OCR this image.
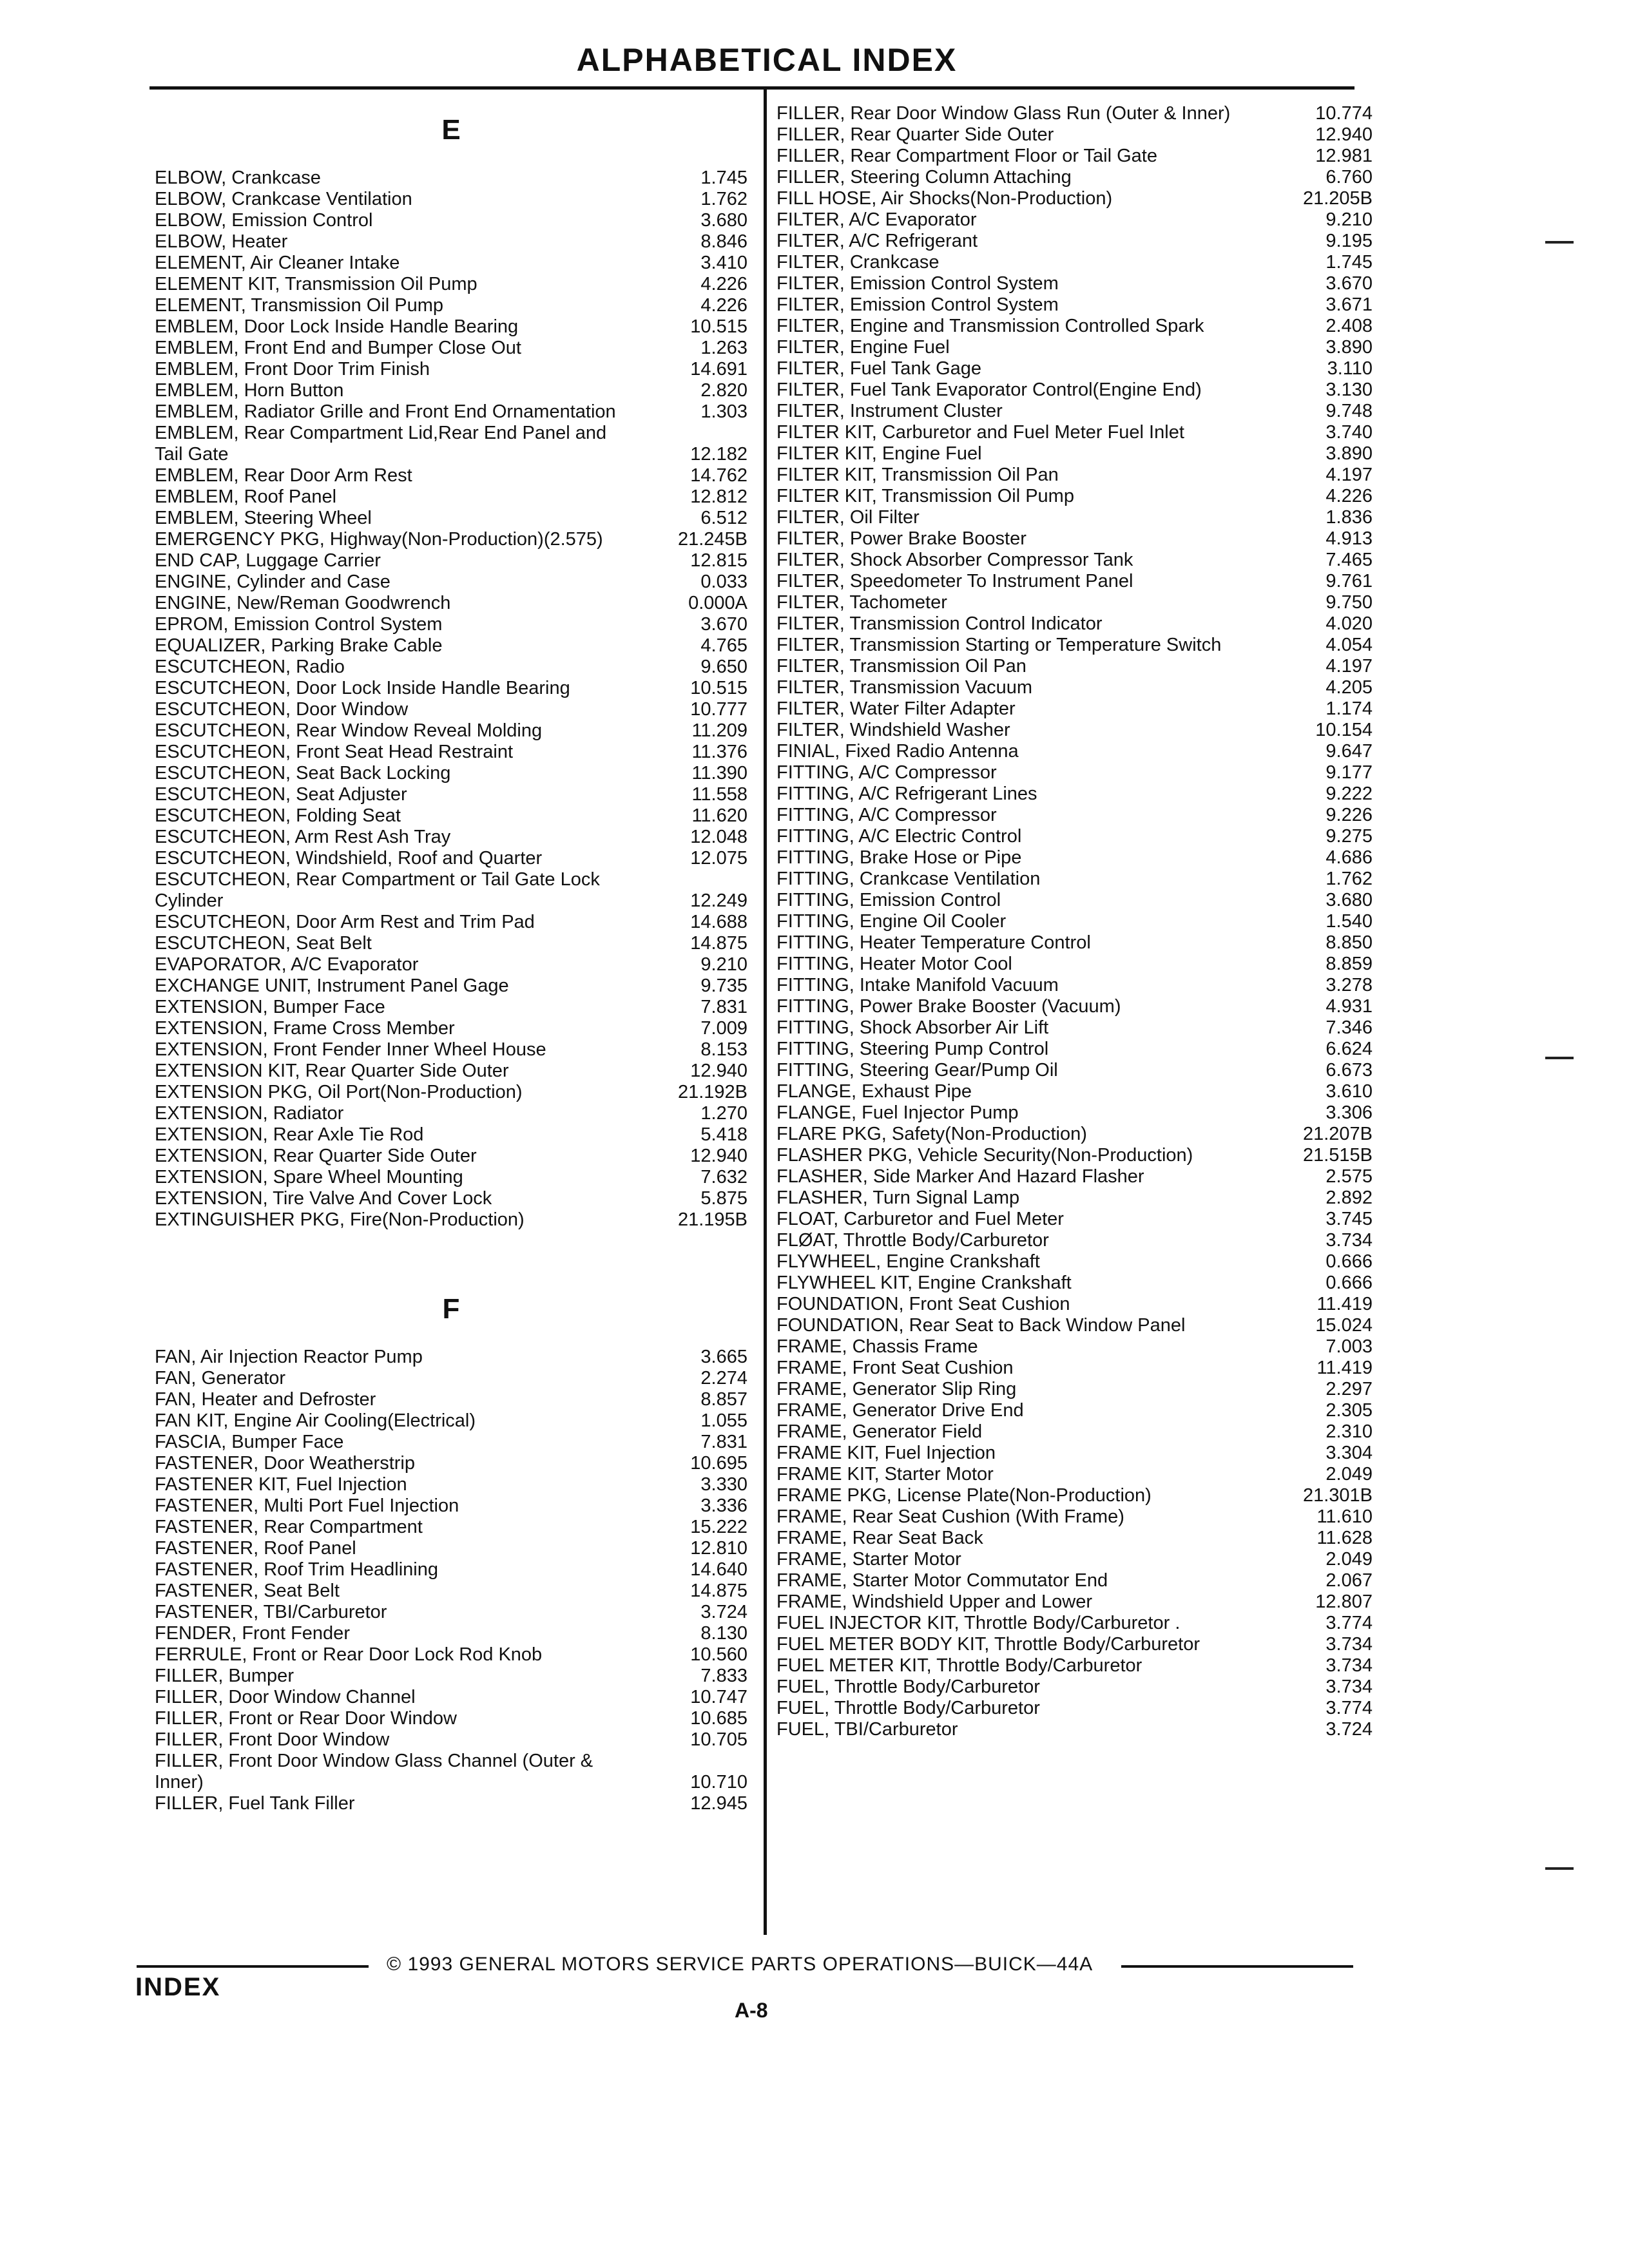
ALPHABETICAL INDEX
E
ELBOW, Crankcase	1.745
ELBOW, Crankcase Ventilation	1.762
ELBOW, Emission Control	3.680
ELBOW, Heater	8.846
ELEMENT, Air Cleaner Intake	3.410
ELEMENT KIT, Transmission Oil Pump	4.226
ELEMENT, Transmission Oil Pump	4.226
EMBLEM, Door Lock Inside Handle Bearing	10.515
EMBLEM, Front End and Bumper Close Out	1.263
EMBLEM, Front Door Trim Finish	14.691
EMBLEM, Horn Button	2.820
EMBLEM, Radiator Grille and Front End Ornamentation	1.303
EMBLEM, Rear Compartment Lid,Rear End Panel and Tail Gate	12.182
EMBLEM, Rear Door Arm Rest	14.762
EMBLEM, Roof Panel	12.812
EMBLEM, Steering Wheel	6.512
EMERGENCY PKG, Highway(Non-Production)(2.575)	21.245B
END CAP, Luggage Carrier	12.815
ENGINE, Cylinder and Case	0.033
ENGINE, New/Reman Goodwrench	0.000A
EPROM, Emission Control System	3.670
EQUALIZER, Parking Brake Cable	4.765
ESCUTCHEON, Radio	9.650
ESCUTCHEON, Door Lock Inside Handle Bearing	10.515
ESCUTCHEON, Door Window	10.777
ESCUTCHEON, Rear Window Reveal Molding	11.209
ESCUTCHEON, Front Seat Head Restraint	11.376
ESCUTCHEON, Seat Back Locking	11.390
ESCUTCHEON, Seat Adjuster	11.558
ESCUTCHEON, Folding Seat	11.620
ESCUTCHEON, Arm Rest Ash Tray	12.048
ESCUTCHEON, Windshield, Roof and Quarter	12.075
ESCUTCHEON, Rear Compartment or Tail Gate Lock Cylinder	12.249
ESCUTCHEON, Door Arm Rest and Trim Pad	14.688
ESCUTCHEON, Seat Belt	14.875
EVAPORATOR, A/C Evaporator	9.210
EXCHANGE UNIT, Instrument Panel Gage	9.735
EXTENSION, Bumper Face	7.831
EXTENSION, Frame Cross Member	7.009
EXTENSION, Front Fender Inner Wheel House	8.153
EXTENSION KIT, Rear Quarter Side Outer	12.940
EXTENSION PKG, Oil Port(Non-Production)	21.192B
EXTENSION, Radiator	1.270
EXTENSION, Rear Axle Tie Rod	5.418
EXTENSION, Rear Quarter Side Outer	12.940
EXTENSION, Spare Wheel Mounting	7.632
EXTENSION, Tire Valve And Cover Lock	5.875
EXTINGUISHER PKG, Fire(Non-Production)	21.195B
F
FAN, Air Injection Reactor Pump	3.665
FAN, Generator	2.274
FAN, Heater and Defroster	8.857
FAN KIT, Engine Air Cooling(Electrical)	1.055
FASCIA, Bumper Face	7.831
FASTENER, Door Weatherstrip	10.695
FASTENER KIT, Fuel Injection	3.330
FASTENER, Multi Port Fuel Injection	3.336
FASTENER, Rear Compartment	15.222
FASTENER, Roof Panel	12.810
FASTENER, Roof Trim Headlining	14.640
FASTENER, Seat Belt	14.875
FASTENER, TBI/Carburetor	3.724
FENDER, Front Fender	8.130
FERRULE, Front or Rear Door Lock Rod Knob	10.560
FILLER, Bumper	7.833
FILLER, Door Window Channel	10.747
FILLER, Front or Rear Door Window	10.685
FILLER, Front Door Window	10.705
FILLER, Front Door Window Glass Channel (Outer & Inner)	10.710
FILLER, Fuel Tank Filler	12.945
FILLER, Rear Door Window Glass Run (Outer & Inner)	10.774
FILLER, Rear Quarter Side Outer	12.940
FILLER, Rear Compartment Floor or Tail Gate	12.981
FILLER, Steering Column Attaching	6.760
FILL HOSE, Air Shocks(Non-Production)	21.205B
FILTER, A/C Evaporator	9.210
FILTER, A/C Refrigerant	9.195
FILTER, Crankcase	1.745
FILTER, Emission Control System	3.670
FILTER, Emission Control System	3.671
FILTER, Engine and Transmission Controlled Spark	2.408
FILTER, Engine Fuel	3.890
FILTER, Fuel Tank Gage	3.110
FILTER, Fuel Tank Evaporator Control(Engine End)	3.130
FILTER, Instrument Cluster	9.748
FILTER KIT, Carburetor and Fuel Meter Fuel Inlet	3.740
FILTER KIT, Engine Fuel	3.890
FILTER KIT, Transmission Oil Pan	4.197
FILTER KIT, Transmission Oil Pump	4.226
FILTER, Oil Filter	1.836
FILTER, Power Brake Booster	4.913
FILTER, Shock Absorber Compressor Tank	7.465
FILTER, Speedometer To Instrument Panel	9.761
FILTER, Tachometer	9.750
FILTER, Transmission Control Indicator	4.020
FILTER, Transmission Starting or Temperature Switch	4.054
FILTER, Transmission Oil Pan	4.197
FILTER, Transmission Vacuum	4.205
FILTER, Water Filter Adapter	1.174
FILTER, Windshield Washer	10.154
FINIAL, Fixed Radio Antenna	9.647
FITTING, A/C Compressor	9.177
FITTING, A/C Refrigerant Lines	9.222
FITTING, A/C Compressor	9.226
FITTING, A/C Electric Control	9.275
FITTING, Brake Hose or Pipe	4.686
FITTING, Crankcase Ventilation	1.762
FITTING, Emission Control	3.680
FITTING, Engine Oil Cooler	1.540
FITTING, Heater Temperature Control	8.850
FITTING, Heater Motor Cool	8.859
FITTING, Intake Manifold Vacuum	3.278
FITTING, Power Brake Booster (Vacuum)	4.931
FITTING, Shock Absorber Air Lift	7.346
FITTING, Steering Pump Control	6.624
FITTING, Steering Gear/Pump Oil	6.673
FLANGE, Exhaust Pipe	3.610
FLANGE, Fuel Injector Pump	3.306
FLARE PKG, Safety(Non-Production)	21.207B
FLASHER PKG, Vehicle Security(Non-Production)	21.515B
FLASHER, Side Marker And Hazard Flasher	2.575
FLASHER, Turn Signal Lamp	2.892
FLOAT, Carburetor and Fuel Meter	3.745
FLØAT, Throttle Body/Carburetor	3.734
FLYWHEEL, Engine Crankshaft	0.666
FLYWHEEL KIT, Engine Crankshaft	0.666
FOUNDATION, Front Seat Cushion	11.419
FOUNDATION, Rear Seat to Back Window Panel	15.024
FRAME, Chassis Frame	7.003
FRAME, Front Seat Cushion	11.419
FRAME, Generator Slip Ring	2.297
FRAME, Generator Drive End	2.305
FRAME, Generator Field	2.310
FRAME KIT, Fuel Injection	3.304
FRAME KIT, Starter Motor	2.049
FRAME PKG, License Plate(Non-Production)	21.301B
FRAME, Rear Seat Cushion (With Frame)	11.610
FRAME, Rear Seat Back	11.628
FRAME, Starter Motor	2.049
FRAME, Starter Motor Commutator End	2.067
FRAME, Windshield Upper and Lower	12.807
FUEL INJECTOR KIT, Throttle Body/Carburetor .	3.774
FUEL METER BODY KIT, Throttle Body/Carburetor	3.734
FUEL METER KIT, Throttle Body/Carburetor	3.734
FUEL, Throttle Body/Carburetor	3.734
FUEL, Throttle Body/Carburetor	3.774
FUEL, TBI/Carburetor	3.724
© 1993 GENERAL MOTORS SERVICE PARTS OPERATIONS—BUICK—44A
INDEX
A-8
